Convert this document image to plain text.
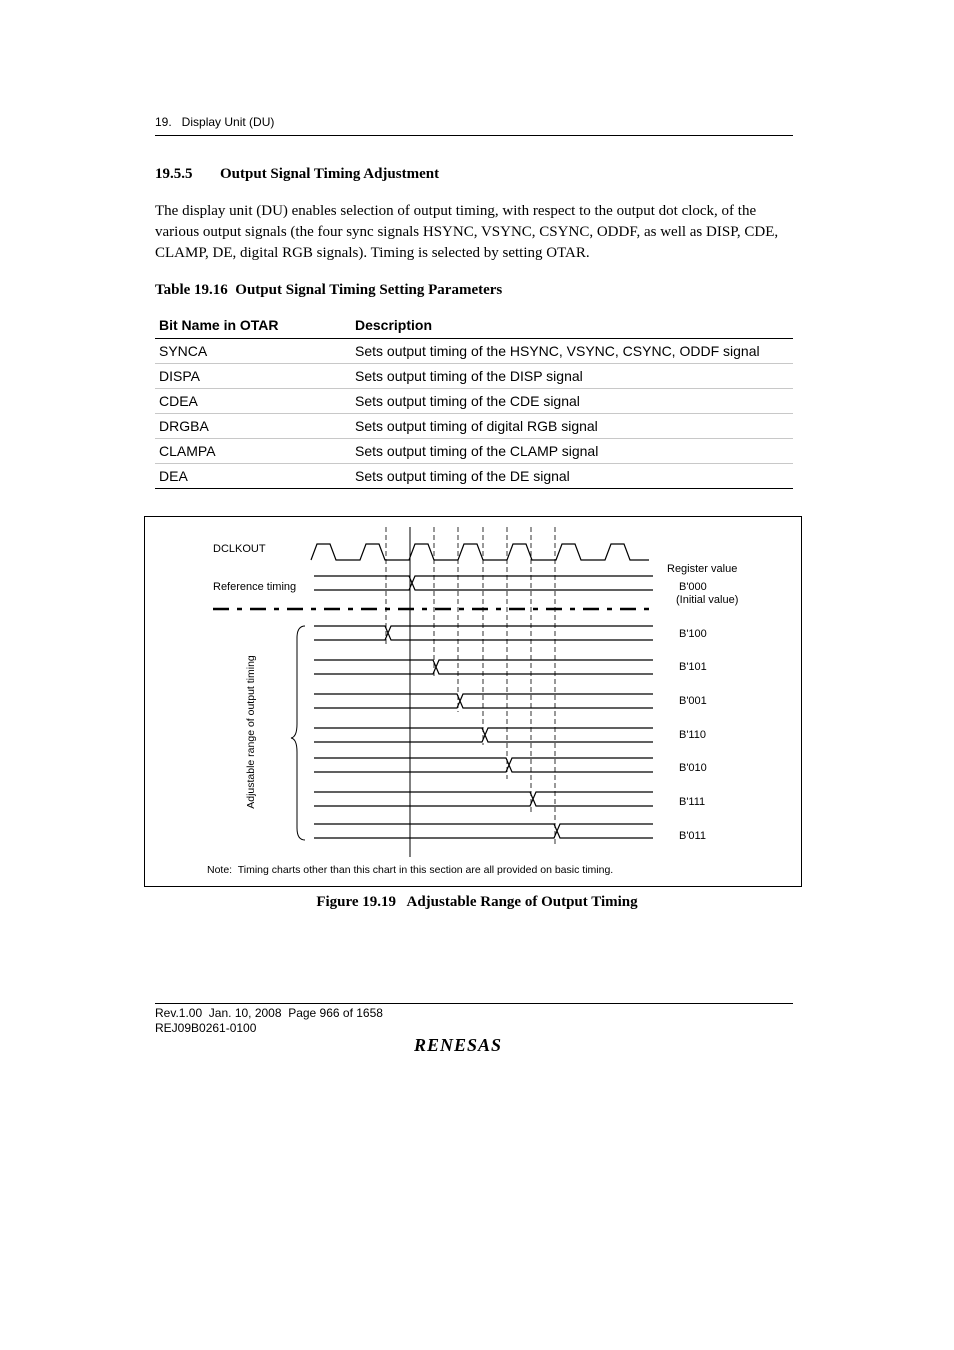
19.   Display Unit (DU)
19.5.5 Output Signal Timing Adjustment

The display unit (DU) enables selection of output timing, with respect to the output dot clock, of the various output signals (the four sync signals HSYNC, VSYNC, CSYNC, ODDF, as well as DISP, CDE, CLAMP, DE, digital RGB signals). Timing is selected by setting OTAR.

Table 19.16  Output Signal Timing Setting Parameters
Bit Name in OTAR	Description
SYNCA	Sets output timing of the HSYNC, VSYNC, CSYNC, ODDF signal
DISPA	Sets output timing of the DISP signal
CDEA	Sets output timing of the CDE signal
DRGBA	Sets output timing of digital RGB signal
CLAMPA	Sets output timing of the CLAMP signal
DEA	Sets output timing of the DE signal
DCLKOUT
Reference timing
Register value
B'000
(Initial value)
B'100
B'101
B'001
B'110
B'010
B'111
B'011
Adjustable range of output timing
Note:  Timing charts other than this chart in this section are all provided on basic timing.
Figure 19.19   Adjustable Range of Output Timing
Rev.1.00  Jan. 10, 2008  Page 966 of 1658
REJ09B0261-0100
RENESAS
